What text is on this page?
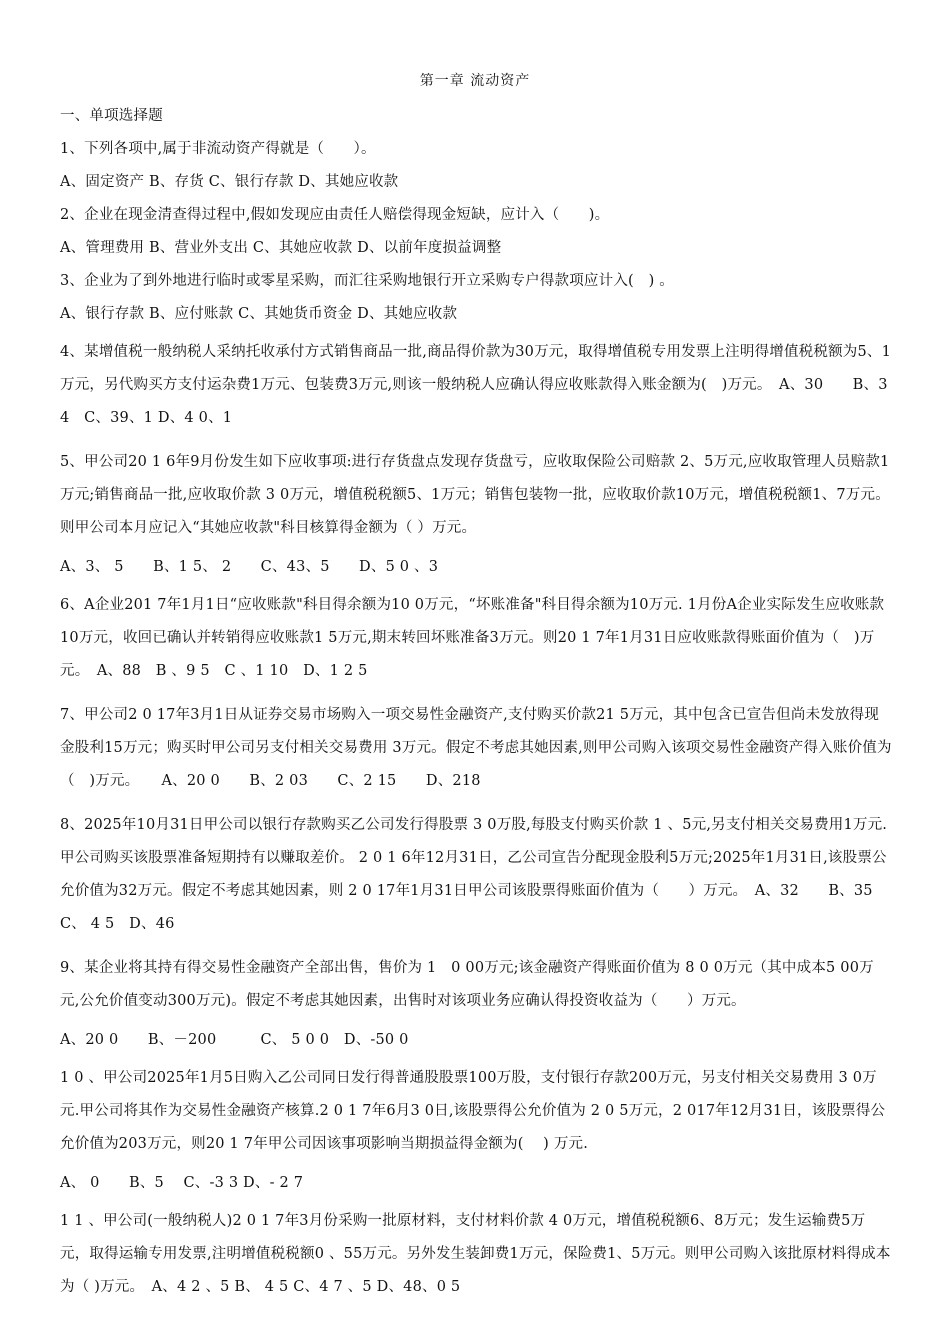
第一章 流动资产
一、单项选择题
1、下列各项中,属于非流动资产得就是（　　）。
A、固定资产 B、存货 C、银行存款 D、其她应收款
2、企业在现金清查得过程中,假如发现应由责任人赔偿得现金短缺，应计入（　　)。
A、管理费用 B、营业外支出 C、其她应收款 D、以前年度损益调整
3、企业为了到外地进行临时或零星采购，而汇往采购地银行开立采购专户得款项应计入(　) 。
A、银行存款 B、应付账款 C、其她货币资金 D、其她应收款
4、某增值税一般纳税人采纳托收承付方式销售商品一批,商品得价款为30万元，取得增值税专用发票上注明得增值税税额为5、1万元，另代购买方支付运杂费1万元、包装费3万元,则该一般纳税人应确认得应收账款得入账金额为(　)万元。　A、30　　B、3 4　C、39、1 D、4 0、1
5、甲公司20 1 6年9月份发生如下应收事项:进行存货盘点发现存货盘亏，应收取保险公司赔款 2、5万元,应收取管理人员赔款1万元;销售商品一批,应收取价款 3 0万元，增值税税额5、1万元；销售包装物一批，应收取价款10万元，增值税税额1、7万元。则甲公司本月应记入“其她应收款"科目核算得金额为（ ）万元。
A、3、 5　　B、1 5、 2　　C、43、5　　D、5 0 、3
6、A企业201 7年1月1日“应收账款"科目得余额为10 0万元，“坏账准备"科目得余额为10万元. 1月份A企业实际发生应收账款10万元，收回已确认并转销得应收账款1 5万元,期末转回坏账准备3万元。则20 1 7年1月31日应收账款得账面价值为（　)万元。　A、88　B 、9 5　C 、1 10　D、1 2 5
7、甲公司2 0 17年3月1日从证券交易市场购入一项交易性金融资产,支付购买价款21 5万元，其中包含已宣告但尚未发放得现金股利15万元；购买时甲公司另支付相关交易费用 3万元。假定不考虑其她因素,则甲公司购入该项交易性金融资产得入账价值为（　)万元。　　A、20 0　　B、2 03　　C、2 15　　D、218
8、2025年10月31日甲公司以银行存款购买乙公司发行得股票 3 0万股,每股支付购买价款 1 、5元,另支付相关交易费用1万元.甲公司购买该股票准备短期持有以赚取差价。 2 0 1 6年12月31日，乙公司宣告分配现金股利5万元;2025年1月31日,该股票公允价值为32万元。假定不考虑其她因素，则 2 0 17年1月31日甲公司该股票得账面价值为（　　）万元。　A、32　　B、35 C、 4 5　D、46
9、某企业将其持有得交易性金融资产全部出售，售价为 1　0 00万元;该金融资产得账面价值为 8 0 0万元（其中成本5 00万元,公允价值变动300万元)。假定不考虑其她因素，出售时对该项业务应确认得投资收益为（　　）万元。
A、20 0　　B、－200　　　C、 5 0 0　D、-50 0
1 0 、甲公司2025年1月5日购入乙公司同日发行得普通股股票100万股，支付银行存款200万元，另支付相关交易费用 3 0万元.甲公司将其作为交易性金融资产核算.2 0 1 7年6月3 0日,该股票得公允价值为 2 0 5万元，2 017年12月31日，该股票得公允价值为203万元，则20 1 7年甲公司因该事项影响当期损益得金额为(　 ) 万元.
A、 0　　B、5　 C、-3 3 D、- 2 7
1 1 、甲公司(一般纳税人)2 0 1 7年3月份采购一批原材料，支付材料价款 4 0万元，增值税税额6、8万元；发生运输费5万元，取得运输专用发票,注明增值税税额0 、55万元。另外发生装卸费1万元，保险费1、5万元。则甲公司购入该批原材料得成本为（ )万元。　A、4 2 、5 B、 4 5 C、4 7 、5 D、48、0 5
